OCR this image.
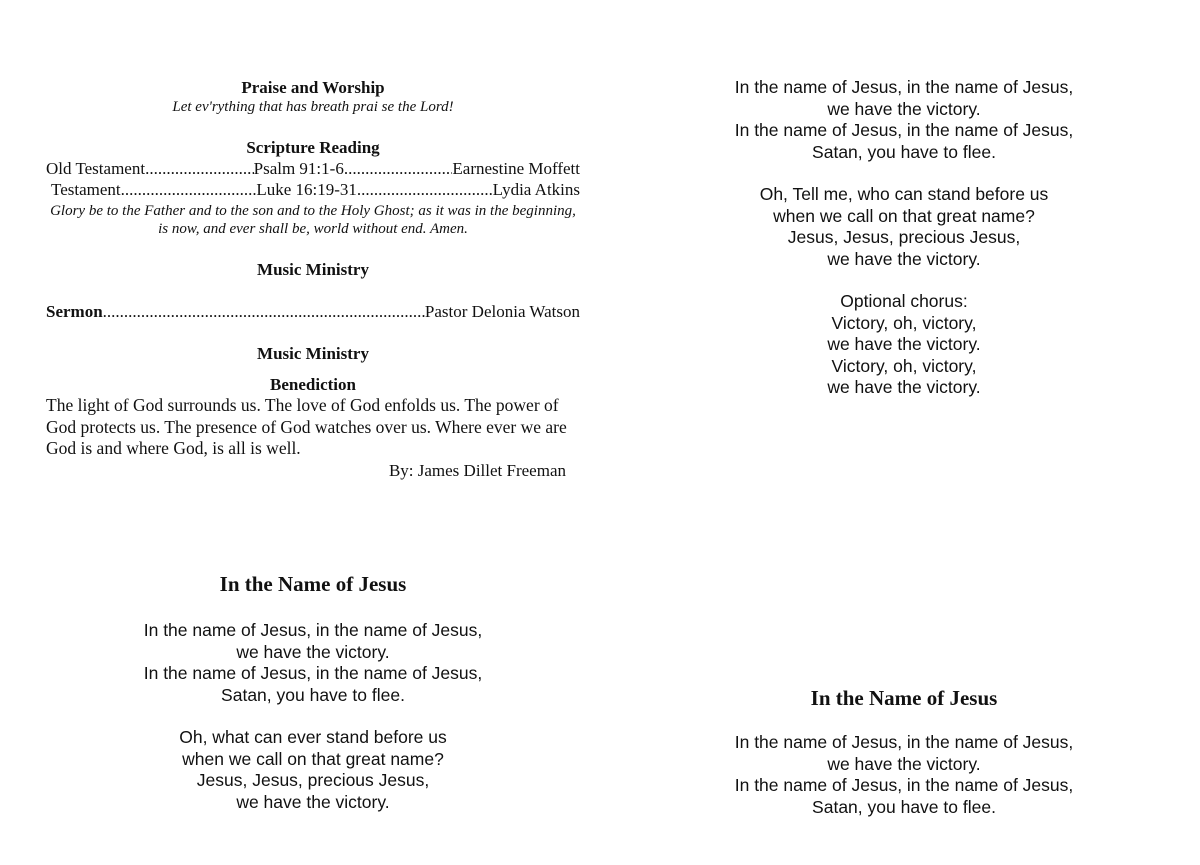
Praise and Worship
Let ev'rything that has breath prai se the Lord!
Scripture Reading
Old Testament .....	Psalm 91:1-6 .....	Earnestine Moffett
Testament .....	Luke 16:19-31 .....	Lydia Atkins
Glory be to the Father and to the son and to the Holy Ghost; as it was in the beginning, is now, and ever shall be, world without end. Amen.
Music Ministry
Sermon .....	Pastor Delonia Watson
Music Ministry
Benediction
The light of God surrounds us. The love of God enfolds us. The power of God protects us. The presence of God watches over us. Where ever we are God is and where God, is all is well.
By: James Dillet Freeman
In the Name of Jesus
In the name of Jesus, in the name of Jesus,
we have the victory.
In the name of Jesus, in the name of Jesus,
Satan, you have to flee.
Oh, what can ever stand before us
when we call on that great name?
Jesus, Jesus, precious Jesus,
we have the victory.
In the name of Jesus, in the name of Jesus,
we have the victory.
In the name of Jesus, in the name of Jesus,
Satan, you have to flee.
Oh, Tell me, who can stand before us
when we call on that great name?
Jesus, Jesus, precious Jesus,
we have the victory.
Optional chorus:
Victory, oh, victory,
we have the victory.
Victory, oh, victory,
we have the victory.
In the Name of Jesus
In the name of Jesus, in the name of Jesus,
we have the victory.
In the name of Jesus, in the name of Jesus,
Satan, you have to flee.
